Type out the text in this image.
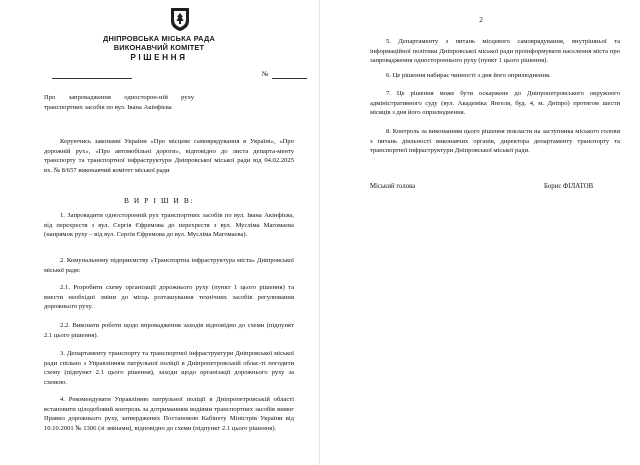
ДНІПРОВСЬКА МІСЬКА РАДА
ВИКОНАВЧИЙ КОМІТЕТ
РІШЕННЯ
№
Про запровадження односторон-ній руху транспортних засобів по вул. Івана Акінфієва
Керуючись законами України «Про місцеве самоврядування в Україні», «Про дорожній рух», «Про автомобільні дороги», відповідно до листа департа-менту транспорту та транспортної інфраструктури Дніпровської міської ради від 04.02.2025 вх. № 8/657 виконавчий комітет міської ради
В И Р І Ш И В:
1. Запровадити односторонній рух транспортних засобів по вул. Івана Акінфієва, від перехрестя з вул. Сергія Єфремова до перехрестя з вул. Мусліма Магомаєва (напрямок руху – від вул. Сергія Єфремова до вул. Мусліма Магомаєва).
2. Комунальному підприємству «Транспортна інфраструктура міста» Дніпровської міської ради:
2.1. Розробити схему організації дорожнього руху (пункт 1 цього рішення) та внести необхідні зміни до місць розташування технічних засобів регулювання дорожнього руху.
2.2. Виконати роботи щодо впровадження заходів відповідно до схеми (підпункт 2.1 цього рішення).
3. Департаменту транспорту та транспортної інфраструктури Дніпровської міської ради спільно з Управлінням патрульної поліції в Дніпропетровській облас-ті погодити схему (підпункт 2.1 цього рішення), заходи щодо організації дорожнього руху за схемою.
4. Рекомендувати Управлінню патрульної поліції в Дніпропетровській області встановити цілодобовий контроль за дотриманням водіями транспортних засобів вимог Правил дорожнього руху, затверджених Постановою Кабінету Міністрів України від 10.10.2001 № 1306 (зі змінами), відповідно до схеми (підпункт 2.1 цього рішення).
2
5. Департаменту з питань місцевого самоврядування, внутрішньої та інформаційної політики Дніпровської міської ради проінформувати населення міста про запровадження одностороннього руху (пункт 1 цього рішення).
6. Це рішення набирає чинності з дня його оприлюднення.
7. Це рішення може бути оскаржене до Дніпропетровського окружного адміністративного суду (вул. Академіка Янгеля, буд. 4, м. Дніпро) протягом шести місяців з дня його оприлюднення.
8. Контроль за виконанням цього рішення покласти на заступника міського голови з питань діяльності виконавчих органів, директора департаменту транспорту та транспортної інфраструктури Дніпровської міської ради.
Міський голова	Борис ФІЛАТОВ
